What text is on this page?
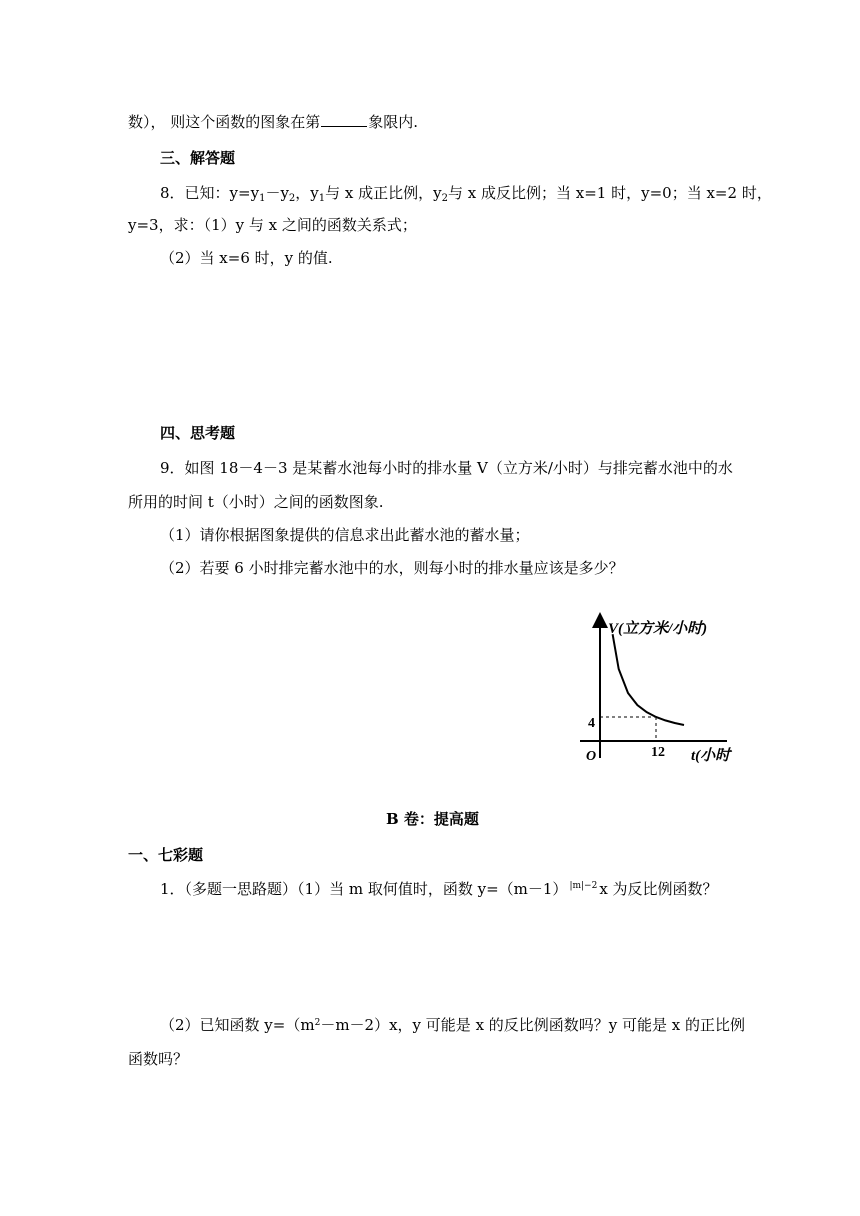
数）， 则这个函数的图象在第	象限内.
三、解答题
8．已知：$y=y_1-y_2$，$y_1$与 x 成正比例，$y_2$与 x 成反比例；当 x=1 时，y=0；当 x=2 时，
y=3，求：（1）y 与 x 之间的函数关系式；
（2）当 x=6 时，y 的值.
四、思考题
9．如图 18－4－3 是某蓄水池每小时的排水量 V（立方米/小时）与排完蓄水池中的水
所用的时间 t（小时）之间的函数图象.
（1）请你根据图象提供的信息求出此蓄水池的蓄水量；
（2）若要 6 小时排完蓄水池中的水，则每小时的排水量应该是多少？
V(立方米/小时)
t(小时
O
4
12
B 卷：提高题
一、七彩题
1．（多题一思路题）（1）当 m 取何值时，函数 y=（m－1） $^{|m|-2}$ x 为反比例函数？
（2）已知函数 $y=(m^2-m-2)x$，y 可能是 x 的反比例函数吗？y 可能是 x 的正比例
函数吗？
